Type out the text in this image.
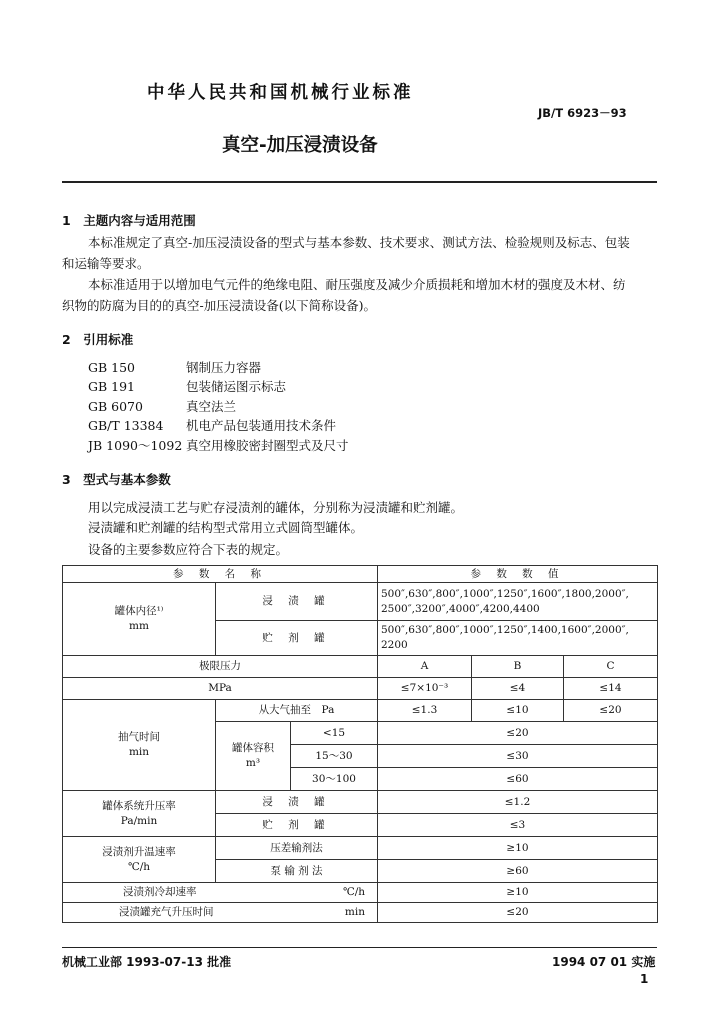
中华人民共和国机械行业标准
JB/T 6923－93
真空-加压浸渍设备
1　主题内容与适用范围
本标准规定了真空-加压浸渍设备的型式与基本参数、技术要求、测试方法、检验规则及标志、包装
和运输等要求。
本标准适用于以增加电气元件的绝缘电阻、耐压强度及减少介质损耗和增加木材的强度及木材、纺
织物的防腐为目的的真空-加压浸渍设备(以下简称设备)。
2　引用标准
GB 150	钢制压力容器
GB 191	包装储运图示标志
GB 6070	真空法兰
GB/T 13384 机电产品包装通用技术条件
JB 1090～1092 真空用橡胶密封圈型式及尺寸
3　型式与基本参数
用以完成浸渍工艺与贮存浸渍剂的罐体，分别称为浸渍罐和贮剂罐。
浸渍罐和贮剂罐的结构型式常用立式圆筒型罐体。
设备的主要参数应符合下表的规定。
参 数 名 称			参 数 数 值		
罐体内径¹⁾
mm	浸 渍 罐		500″,630″,800″,1000″,1250″,1600″,1800,2000″,
2500″,3200″,4000″,4200,4400		
	贮 剂 罐		500″,630″,800″,1000″,1250″,1400,1600″,2000″,
2200		
极限压力			A	B	C
MPa			≤7×10⁻³	≤4	≤14
抽气时间
min	从大气抽至　Pa		≤1.3	≤10	≤20
	罐体容积
m³	<15	≤20		
		15～30	≤30		
		30～100	≤60		
罐体系统升压率
Pa/min	浸 渍 罐		≤1.2		
	贮 剂 罐		≤3		
浸渍剂升温速率
℃/h	压差输剂法		≥10		
	泵 输 剂 法		≥60		
浸渍剂冷却速率 ℃/h			≥10		
浸渍罐充气升压时间 min			≤20		
机械工业部 1993-07-13 批准	1994 07 01 实施
1
